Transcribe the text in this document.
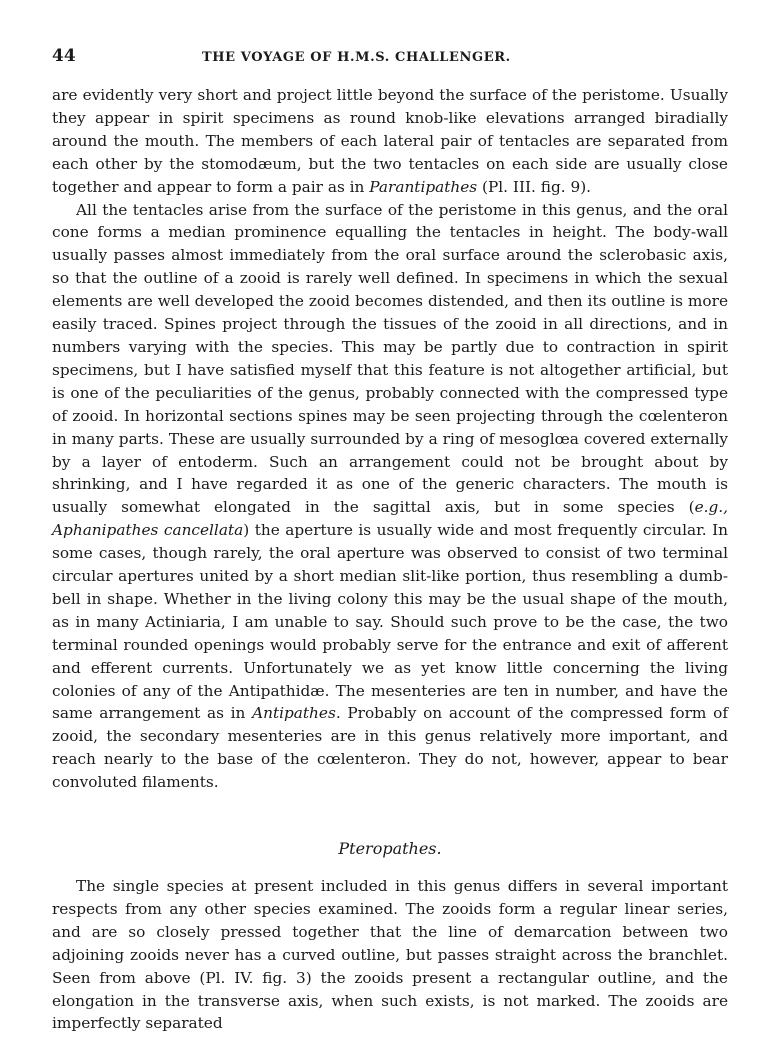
44	THE VOYAGE OF H.M.S. CHALLENGER.

are evidently very short and project little beyond the surface of the peristome. Usually they appear in spirit specimens as round knob-like elevations arranged biradially around the mouth. The members of each lateral pair of tentacles are separated from each other by the stomodæum, but the two tentacles on each side are usually close together and appear to form a pair as in Parantipathes (Pl. III. fig. 9).

All the tentacles arise from the surface of the peristome in this genus, and the oral cone forms a median prominence equalling the tentacles in height. The body-wall usually passes almost immediately from the oral surface around the sclerobasic axis, so that the outline of a zooid is rarely well defined. In specimens in which the sexual elements are well developed the zooid becomes distended, and then its outline is more easily traced. Spines project through the tissues of the zooid in all directions, and in numbers varying with the species. This may be partly due to contraction in spirit specimens, but I have satisfied myself that this feature is not altogether artificial, but is one of the peculiarities of the genus, probably connected with the compressed type of zooid. In horizontal sections spines may be seen projecting through the cœlenteron in many parts. These are usually surrounded by a ring of mesoglœa covered externally by a layer of entoderm. Such an arrangement could not be brought about by shrinking, and I have regarded it as one of the generic characters. The mouth is usually somewhat elongated in the sagittal axis, but in some species (e.g., Aphanipathes cancellata) the aperture is usually wide and most frequently circular. In some cases, though rarely, the oral aperture was observed to consist of two terminal circular apertures united by a short median slit-like portion, thus resembling a dumb-bell in shape. Whether in the living colony this may be the usual shape of the mouth, as in many Actiniaria, I am unable to say. Should such prove to be the case, the two terminal rounded openings would probably serve for the entrance and exit of afferent and efferent currents. Unfortunately we as yet know little concerning the living colonies of any of the Antipathidæ. The mesenteries are ten in number, and have the same arrangement as in Antipathes. Probably on account of the compressed form of zooid, the secondary mesenteries are in this genus relatively more important, and reach nearly to the base of the cœlenteron. They do not, however, appear to bear convoluted filaments.

Pteropathes.

The single species at present included in this genus differs in several important respects from any other species examined. The zooids form a regular linear series, and are so closely pressed together that the line of demarcation between two adjoining zooids never has a curved outline, but passes straight across the branchlet. Seen from above (Pl. IV. fig. 3) the zooids present a rectangular outline, and the elongation in the transverse axis, when such exists, is not marked. The zooids are imperfectly separated
